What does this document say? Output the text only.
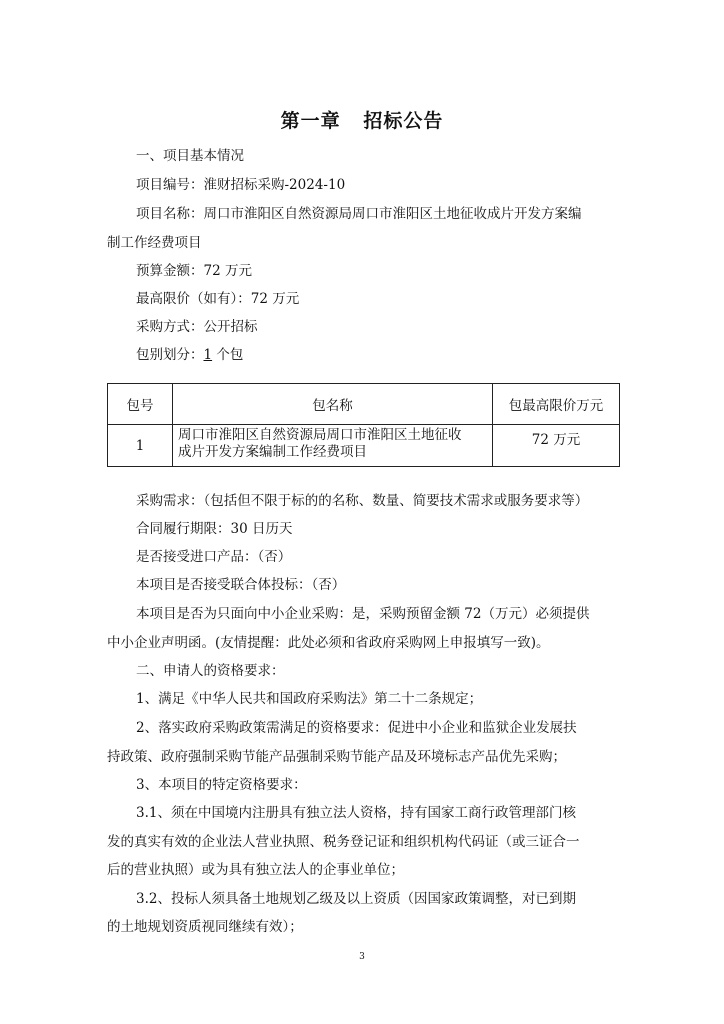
第一章   招标公告
一、项目基本情况
项目编号：淮财招标采购-2024-10
项目名称：周口市淮阳区自然资源局周口市淮阳区土地征收成片开发方案编
制工作经费项目
预算金额：72 万元
最高限价（如有）：72 万元
采购方式：公开招标
包别划分：1 个包
包号	包名称	包最高限价万元
1	周口市淮阳区自然资源局周口市淮阳区土地征收
成片开发方案编制工作经费项目	72 万元
采购需求：（包括但不限于标的的名称、数量、简要技术需求或服务要求等）
合同履行期限：30 日历天
是否接受进口产品：（否）
本项目是否接受联合体投标：（否）
本项目是否为只面向中小企业采购：是，采购预留金额 72（万元）必须提供
中小企业声明函。(友情提醒：此处必须和省政府采购网上申报填写一致)。
二、申请人的资格要求：
1、满足《中华人民共和国政府采购法》第二十二条规定；
2、落实政府采购政策需满足的资格要求：促进中小企业和监狱企业发展扶
持政策、政府强制采购节能产品强制采购节能产品及环境标志产品优先采购；
3、本项目的特定资格要求：
3.1、须在中国境内注册具有独立法人资格，持有国家工商行政管理部门核
发的真实有效的企业法人营业执照、税务登记证和组织机构代码证（或三证合一
后的营业执照）或为具有独立法人的企事业单位；
3.2、投标人须具备土地规划乙级及以上资质（因国家政策调整，对已到期
的土地规划资质视同继续有效）；
3
